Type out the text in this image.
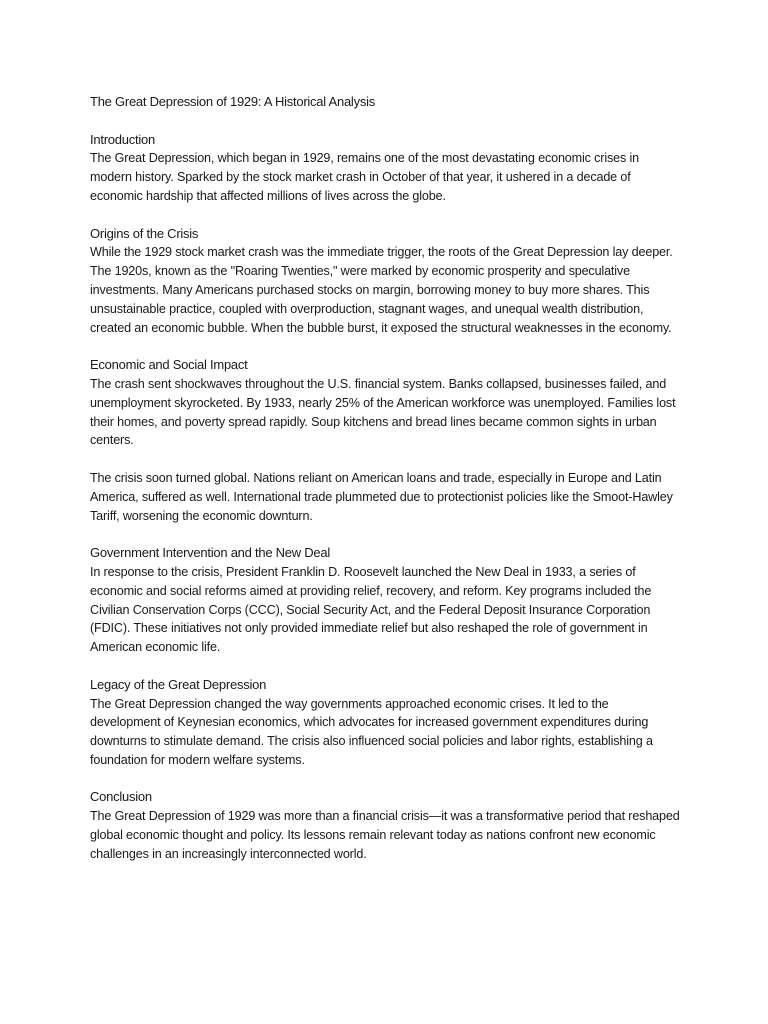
The Great Depression of 1929: A Historical Analysis
Introduction

The Great Depression, which began in 1929, remains one of the most devastating economic crises in modern history. Sparked by the stock market crash in October of that year, it ushered in a decade of economic hardship that affected millions of lives across the globe.

Origins of the Crisis

While the 1929 stock market crash was the immediate trigger, the roots of the Great Depression lay deeper. The 1920s, known as the "Roaring Twenties," were marked by economic prosperity and speculative investments. Many Americans purchased stocks on margin, borrowing money to buy more shares. This unsustainable practice, coupled with overproduction, stagnant wages, and unequal wealth distribution, created an economic bubble. When the bubble burst, it exposed the structural weaknesses in the economy.

Economic and Social Impact

The crash sent shockwaves throughout the U.S. financial system. Banks collapsed, businesses failed, and unemployment skyrocketed. By 1933, nearly 25% of the American workforce was unemployed. Families lost their homes, and poverty spread rapidly. Soup kitchens and bread lines became common sights in urban centers.

The crisis soon turned global. Nations reliant on American loans and trade, especially in Europe and Latin America, suffered as well. International trade plummeted due to protectionist policies like the Smoot-Hawley Tariff, worsening the economic downturn.

Government Intervention and the New Deal

In response to the crisis, President Franklin D. Roosevelt launched the New Deal in 1933, a series of economic and social reforms aimed at providing relief, recovery, and reform. Key programs included the Civilian Conservation Corps (CCC), Social Security Act, and the Federal Deposit Insurance Corporation (FDIC). These initiatives not only provided immediate relief but also reshaped the role of government in American economic life.

Legacy of the Great Depression

The Great Depression changed the way governments approached economic crises. It led to the development of Keynesian economics, which advocates for increased government expenditures during downturns to stimulate demand. The crisis also influenced social policies and labor rights, establishing a foundation for modern welfare systems.

Conclusion

The Great Depression of 1929 was more than a financial crisis—it was a transformative period that reshaped global economic thought and policy. Its lessons remain relevant today as nations confront new economic challenges in an increasingly interconnected world.
